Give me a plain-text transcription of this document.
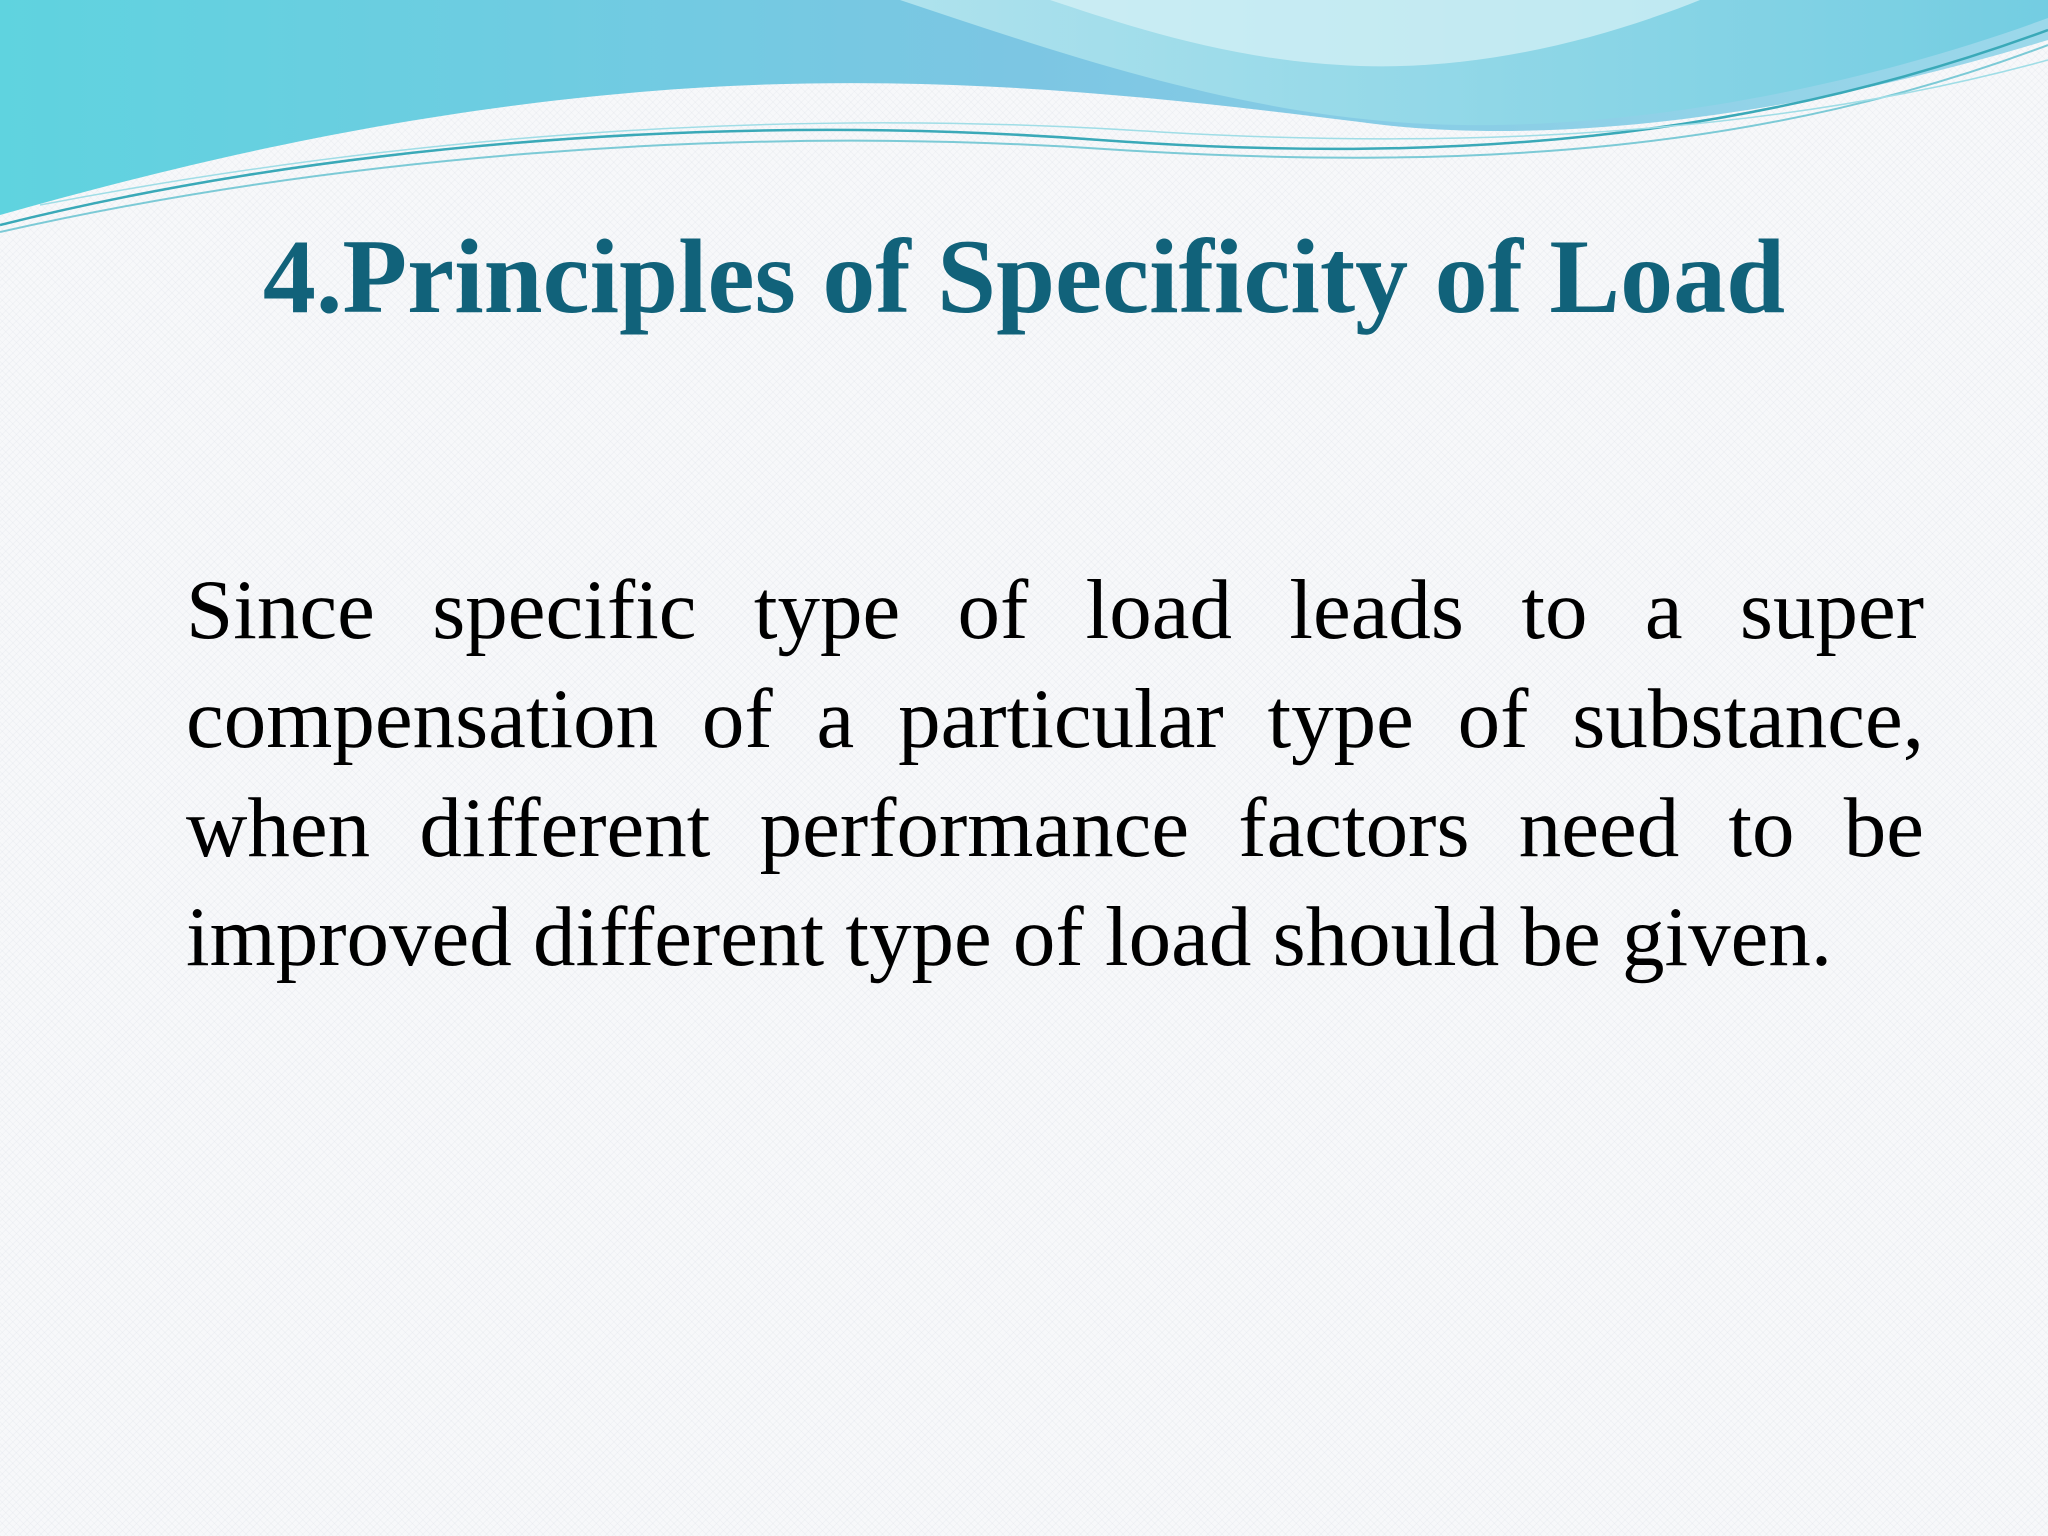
4.Principles of Specificity of Load

Since specific type of load leads to a super compensation of a particular type of substance, when different performance factors need to be improved different type of load should be given.
